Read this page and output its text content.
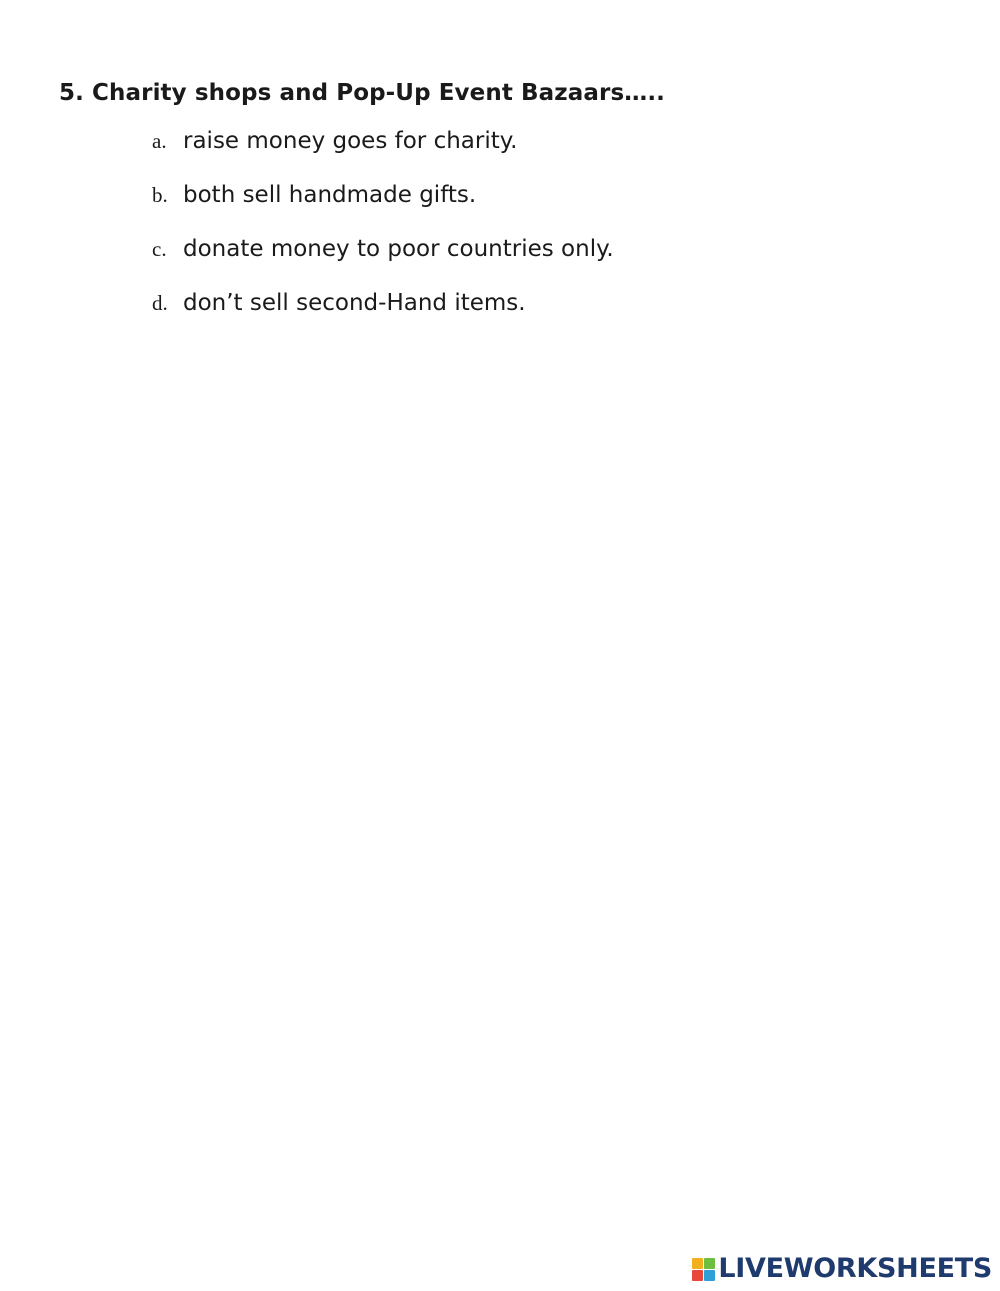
5. Charity shops and Pop-Up Event Bazaars…..
a. raise money goes for charity.
b. both sell handmade gifts.
c. donate money to poor countries only.
d. don’t sell second-Hand items.
LIVEWORKSHEETS
